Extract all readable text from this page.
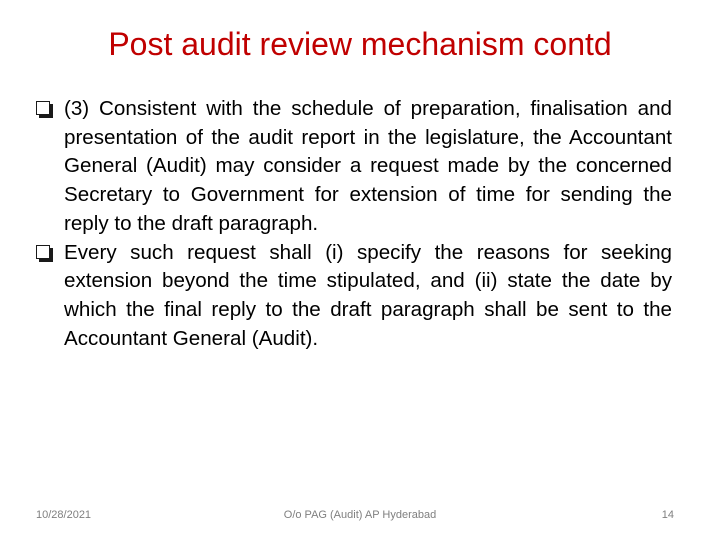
Post audit review mechanism contd
(3) Consistent with the schedule of preparation, finalisation and presentation of the audit report in the legislature, the Accountant General (Audit) may consider a request made by the concerned Secretary to Government for extension of time for sending the reply to the draft paragraph.
Every such request shall (i) specify the reasons for seeking extension beyond the time stipulated, and (ii) state the date by which the final reply to the draft paragraph shall be sent to the Accountant General (Audit).
10/28/2021	O/o PAG (Audit) AP Hyderabad	14
